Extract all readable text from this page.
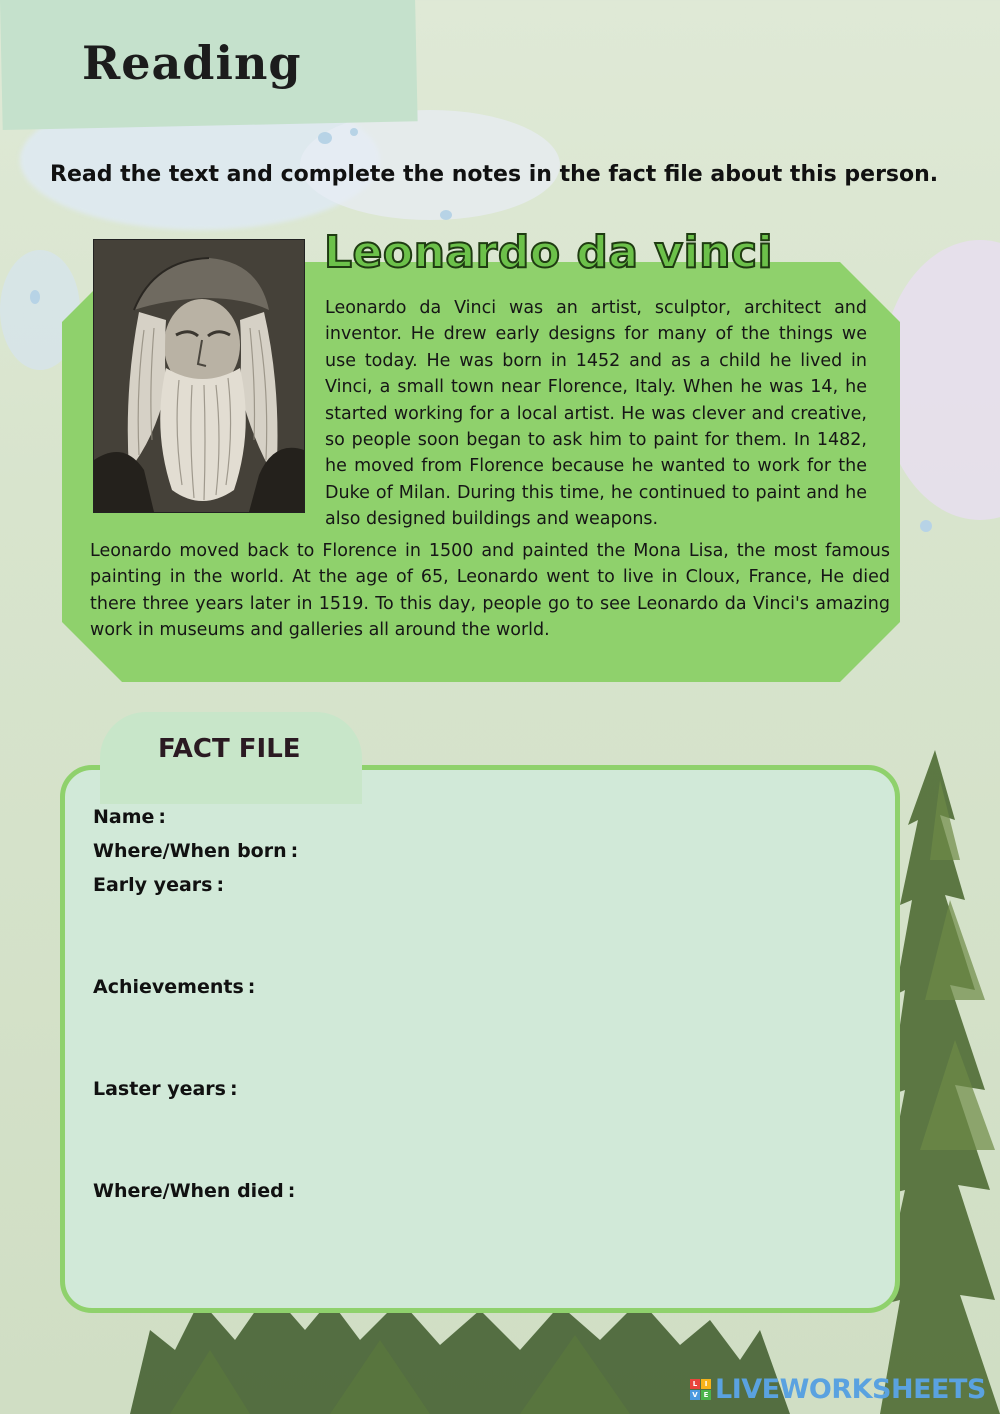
Reading

Read the text and complete the notes in the fact file about this person.

Leonardo da vinci

Leonardo da Vinci was an artist, sculptor, architect and inventor. He drew early designs for many of the things we use today. He was born in 1452 and as a child he lived in Vinci, a small town near Florence, Italy. When he was 14, he started working for a local artist. He was clever and creative, so people soon began to ask him to paint for them. In 1482, he moved from Florence because he wanted to work for the Duke of Milan. During this time, he continued to paint and he also designed buildings and weapons.

Leonardo moved back to Florence in 1500 and painted the Mona Lisa, the most famous painting in the world. At the age of 65, Leonardo went to live in Cloux, France, He died there three years later in 1519. To this day, people go to see Leonardo da Vinci's amazing work in museums and galleries all around the world.

FACT FILE

Name :

Where/When born :

Early years :

Achievements :

Laster years :

Where/When died :

L	I
V E LIVEWORKSHEETS
